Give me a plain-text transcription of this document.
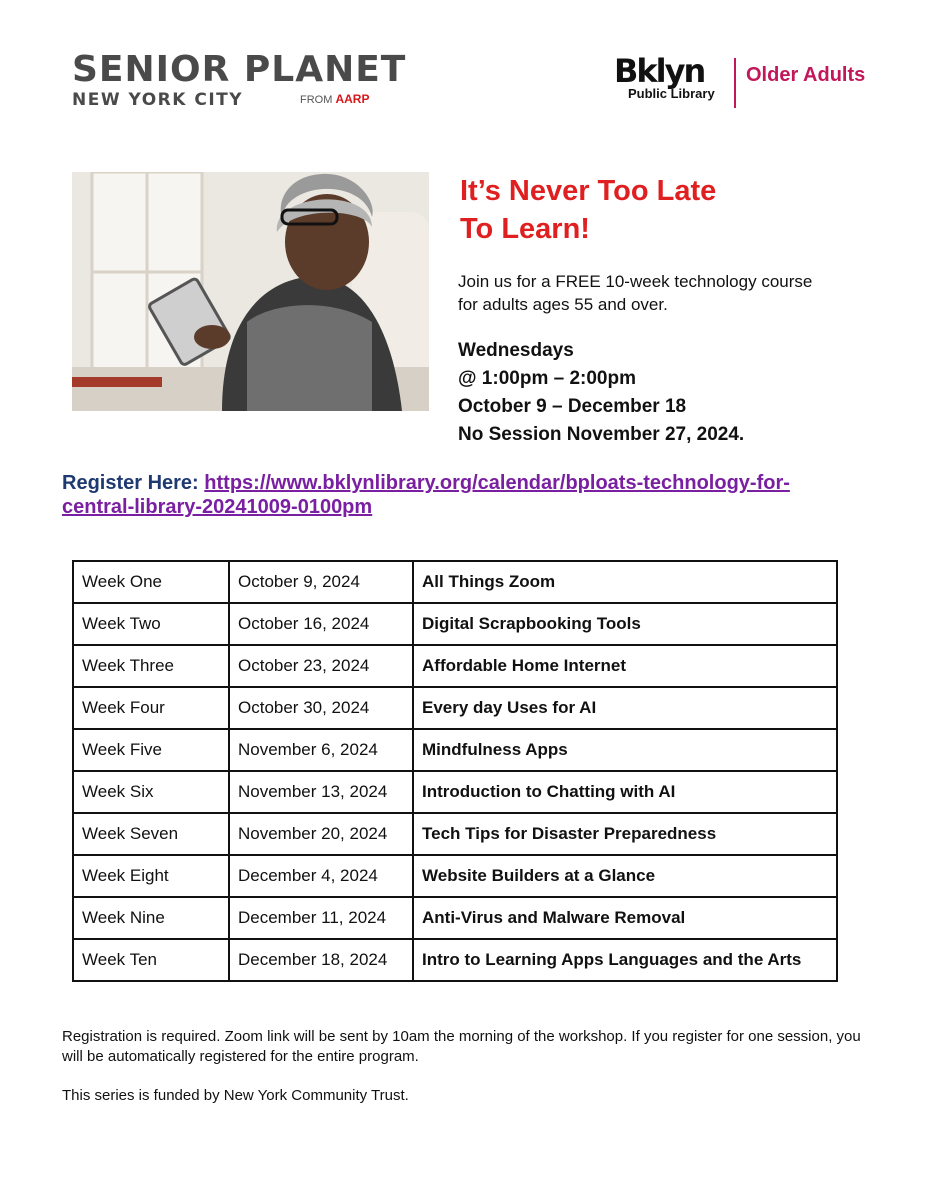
SENIOR PLANET
NEW YORK CITY	FROM AARP
Bklyn
Public Library
Older Adults
It’s Never Too Late
To Learn!
Join us for a FREE 10-week technology course
for adults ages 55 and over.
Wednesdays
@ 1:00pm – 2:00pm
October 9 – December 18
No Session November 27, 2024.
Register Here: https://www.bklynlibrary.org/calendar/bploats-technology-for-
central-library-20241009-0100pm
Week One	October 9, 2024	All Things Zoom
Week Two	October 16, 2024	Digital Scrapbooking Tools
Week Three	October 23, 2024	Affordable Home Internet
Week Four	October 30, 2024	Every day Uses for AI
Week Five	November 6, 2024	Mindfulness Apps
Week Six	November 13, 2024	Introduction to Chatting with AI
Week Seven	November 20, 2024	Tech Tips for Disaster Preparedness
Week Eight	December 4, 2024	Website Builders at a Glance
Week Nine	December 11, 2024	Anti-Virus and Malware Removal
Week Ten	December 18, 2024	Intro to Learning Apps Languages and the Arts
Registration is required. Zoom link will be sent by 10am the morning of the workshop. If you register for one session, you will be automatically registered for the entire program.
This series is funded by New York Community Trust.
